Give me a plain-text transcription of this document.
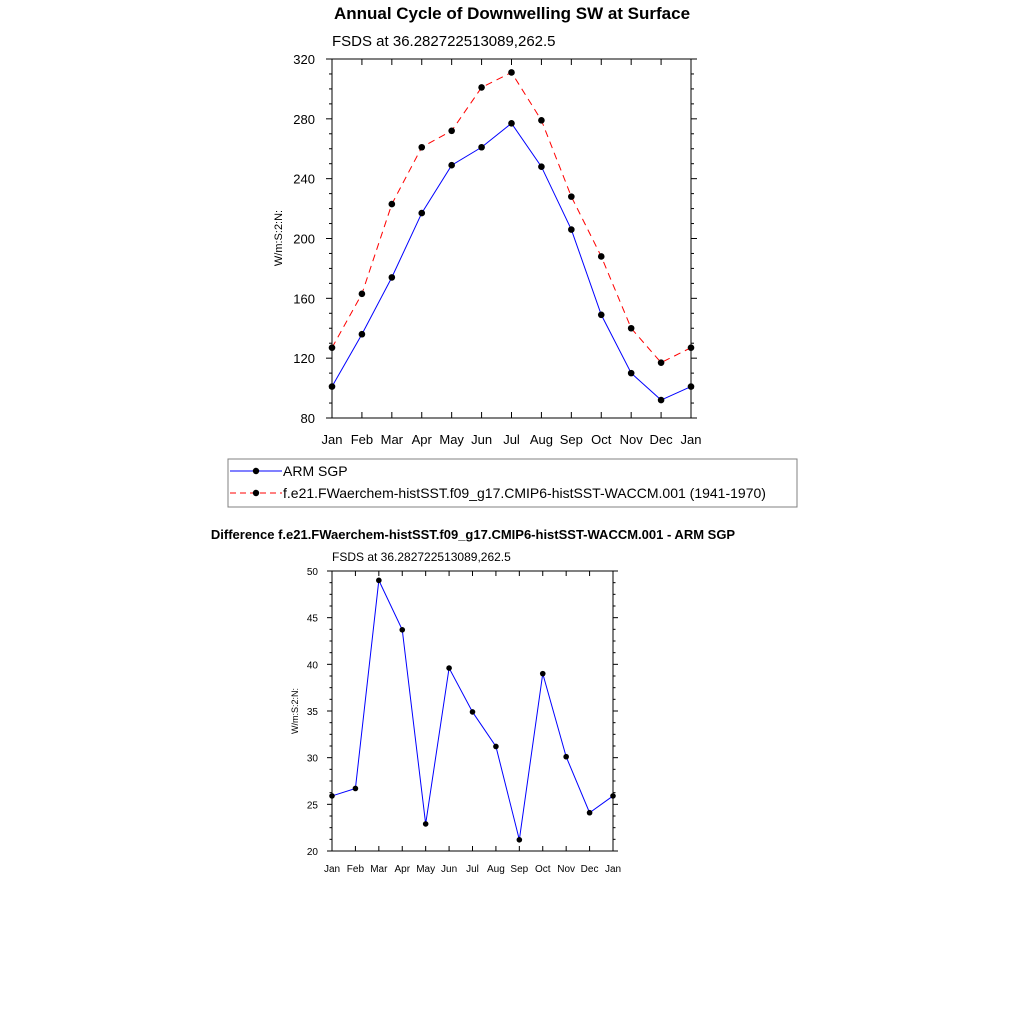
Annual Cycle of Downwelling SW at Surface
FSDS at 36.282722513089,262.5
W/m:S:2:N:
Jan Feb Mar Apr May Jun Jul Aug Sep Oct Nov Dec Jan
80
120
160
200
240
280
320
ARM SGP
f.e21.FWaerchem-histSST.f09_g17.CMIP6-histSST-WACCM.001 (1941-1970)
Difference f.e21.FWaerchem-histSST.f09_g17.CMIP6-histSST-WACCM.001 - ARM SGP
FSDS at 36.282722513089,262.5
W/m:S:2:N:
Jan Feb Mar Apr May Jun Jul Aug Sep Oct Nov Dec Jan
20
25
30
35
40
45
50
